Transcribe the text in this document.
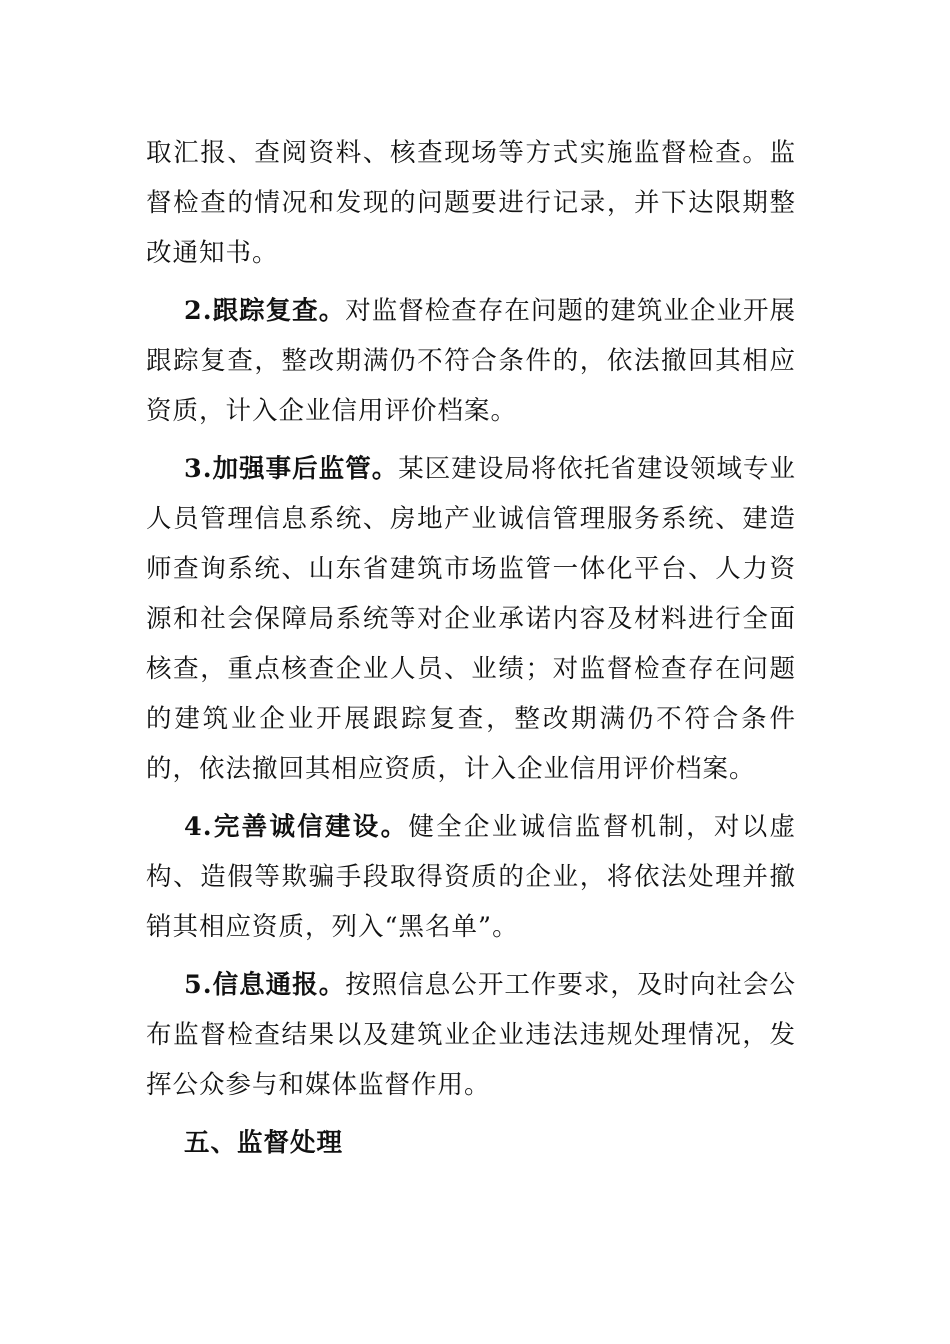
取汇报、查阅资料、核查现场等方式实施监督检查。监督检查的情况和发现的问题要进行记录，并下达限期整改通知书。

2.跟踪复查。对监督检查存在问题的建筑业企业开展跟踪复查，整改期满仍不符合条件的，依法撤回其相应资质，计入企业信用评价档案。

3.加强事后监管。某区建设局将依托省建设领域专业人员管理信息系统、房地产业诚信管理服务系统、建造师查询系统、山东省建筑市场监管一体化平台、人力资源和社会保障局系统等对企业承诺内容及材料进行全面核查，重点核查企业人员、业绩；对监督检查存在问题的建筑业企业开展跟踪复查，整改期满仍不符合条件的，依法撤回其相应资质，计入企业信用评价档案。

4.完善诚信建设。健全企业诚信监督机制，对以虚构、造假等欺骗手段取得资质的企业，将依法处理并撤销其相应资质，列入“黑名单”。

5.信息通报。按照信息公开工作要求，及时向社会公布监督检查结果以及建筑业企业违法违规处理情况，发挥公众参与和媒体监督作用。

五、监督处理
